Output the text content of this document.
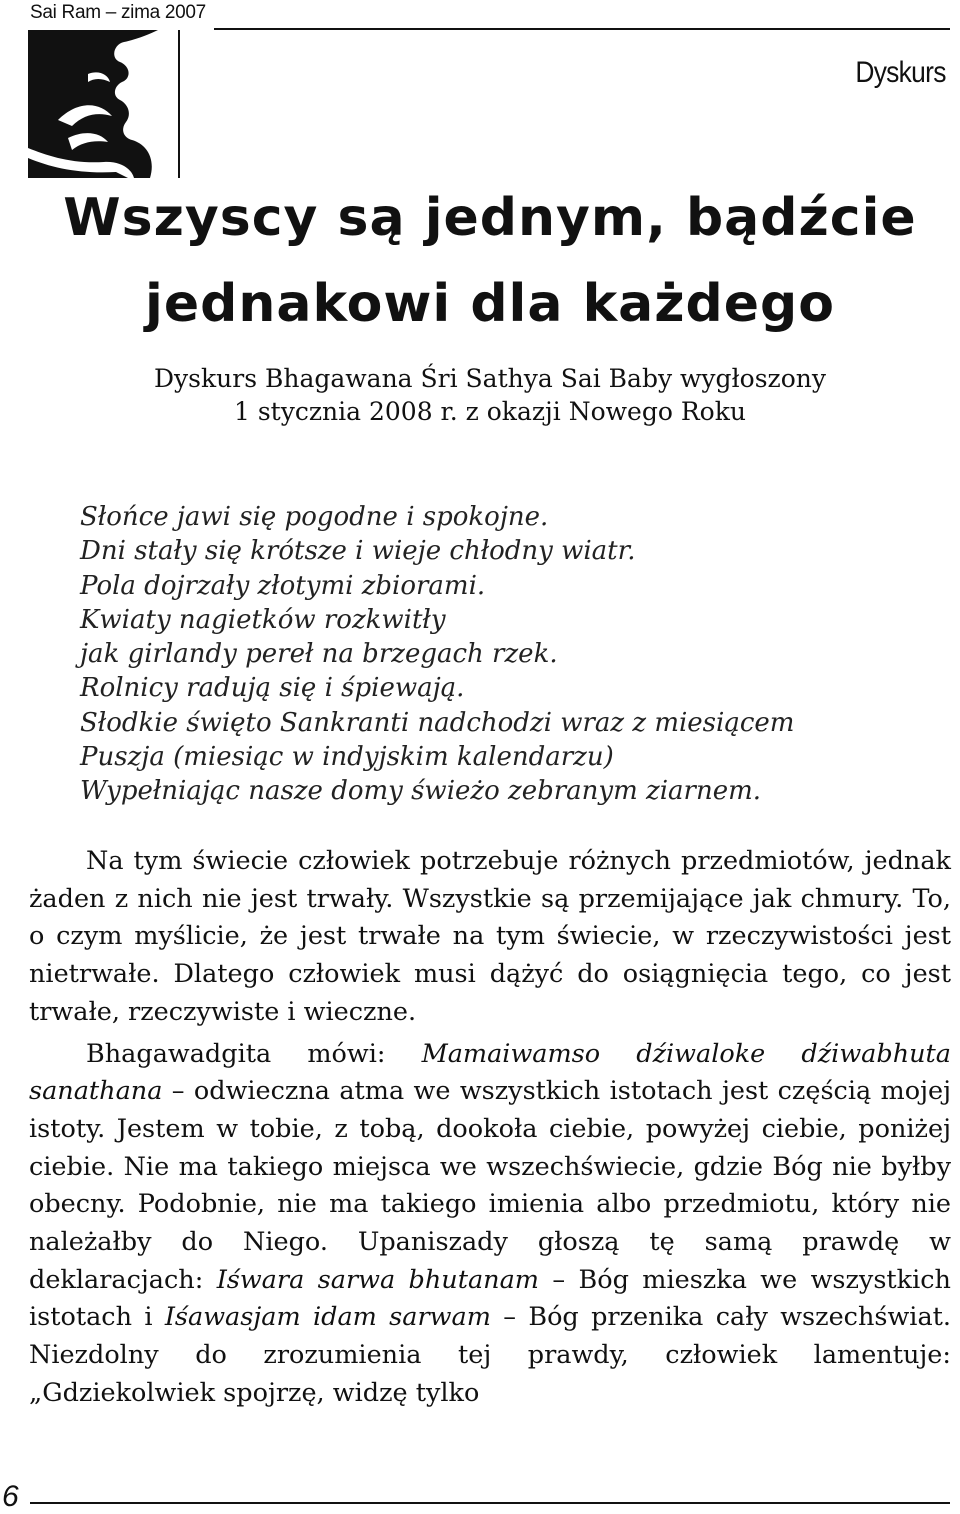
Sai Ram – zima 2007
Dyskurs
Wszyscy są jednym, bądźcie
jednakowi dla każdego
Dyskurs Bhagawana Śri Sathya Sai Baby wygłoszony
1 stycznia 2008 r. z okazji Nowego Roku
Słońce jawi się pogodne i spokojne.
Dni stały się krótsze i wieje chłodny wiatr.
Pola dojrzały złotymi zbiorami.
Kwiaty nagietków rozkwitły
jak girlandy pereł na brzegach rzek.
Rolnicy radują się i śpiewają.
Słodkie święto Sankranti nadchodzi wraz z miesiącem
Puszja (miesiąc w indyjskim kalendarzu)
Wypełniając nasze domy świeżo zebranym ziarnem.

Na tym świecie człowiek potrzebuje różnych przedmiotów, jednak żaden z nich nie jest trwały. Wszystkie są przemijające jak chmury. To, o czym myślicie, że jest trwałe na tym świecie, w rzeczywistości jest nietrwałe. Dlatego człowiek musi dążyć do osiągnięcia tego, co jest trwałe, rzeczywiste i wieczne.

Bhagawadgita mówi: Mamaiwamso dźiwaloke dźiwabhuta sanathana – odwieczna atma we wszystkich istotach jest częścią mojej istoty. Jestem w tobie, z tobą, dookoła ciebie, powyżej ciebie, poniżej ciebie. Nie ma takiego miejsca we wszechświecie, gdzie Bóg nie byłby obecny. Podobnie, nie ma takiego imienia albo przedmiotu, który nie należałby do Niego. Upaniszady głoszą tę samą prawdę w deklaracjach: Iśwara sarwa bhutanam – Bóg mieszka we wszystkich istotach i Iśawasjam idam sarwam – Bóg przenika cały wszechświat. Niezdolny do zrozumienia tej prawdy, człowiek lamentuje: „Gdziekolwiek spojrzę, widzę tylko

6
